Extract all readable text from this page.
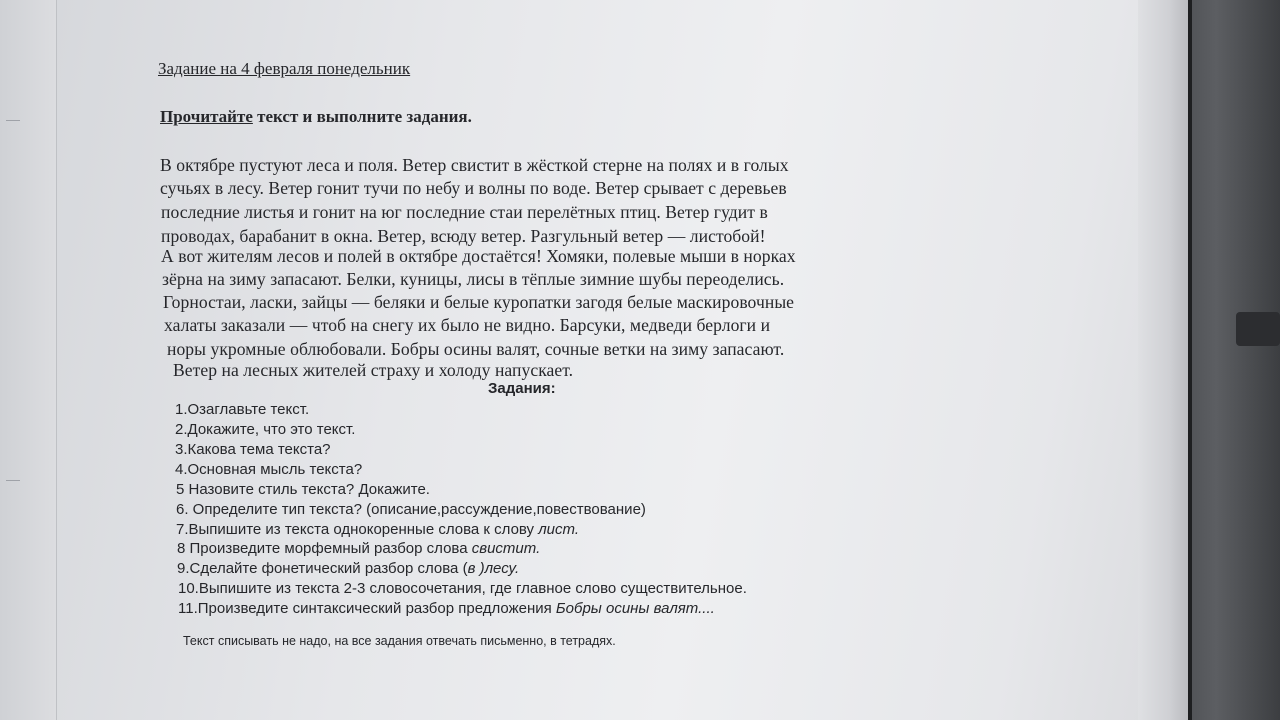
Задание на 4 февраля понедельник
Прочитайте текст и выполните задания.
В октябре пустуют леса и поля. Ветер свистит в жёсткой стерне на полях и в голых
сучьях в лесу. Ветер гонит тучи по небу и волны по воде. Ветер срывает с деревьев
последние листья и гонит на юг последние стаи перелётных птиц. Ветер гудит в
проводах, барабанит в окна. Ветер, всюду ветер. Разгульный ветер — листобой!
А вот жителям лесов и полей в октябре достаётся! Хомяки, полевые мыши в норках
зёрна на зиму запасают. Белки, куницы, лисы в тёплые зимние шубы переоделись.
Горностаи, ласки, зайцы — беляки и белые куропатки загодя белые маскировочные
халаты заказали — чтоб на снегу их было не видно. Барсуки, медведи берлоги и
норы укромные облюбовали. Бобры осины валят, сочные ветки на зиму запасают.
Ветер на лесных жителей страху и холоду напускает.
Задания:
1.Озаглавьте текст.
2.Докажите, что это текст.
3.Какова тема текста?
4.Основная мысль текста?
5 Назовите стиль текста? Докажите.
6. Определите тип текста? (описание,рассуждение,повествование)
7.Выпишите из текста однокоренные слова к слову лист.
8 Произведите морфемный разбор слова свистит.
9.Сделайте фонетический разбор слова (в )лесу.
10.Выпишите из текста 2-3 словосочетания, где главное слово существительное.
11.Произведите синтаксический разбор предложения Бобры осины валят....
Текст списывать не надо, на все задания отвечать письменно, в тетрадях.
